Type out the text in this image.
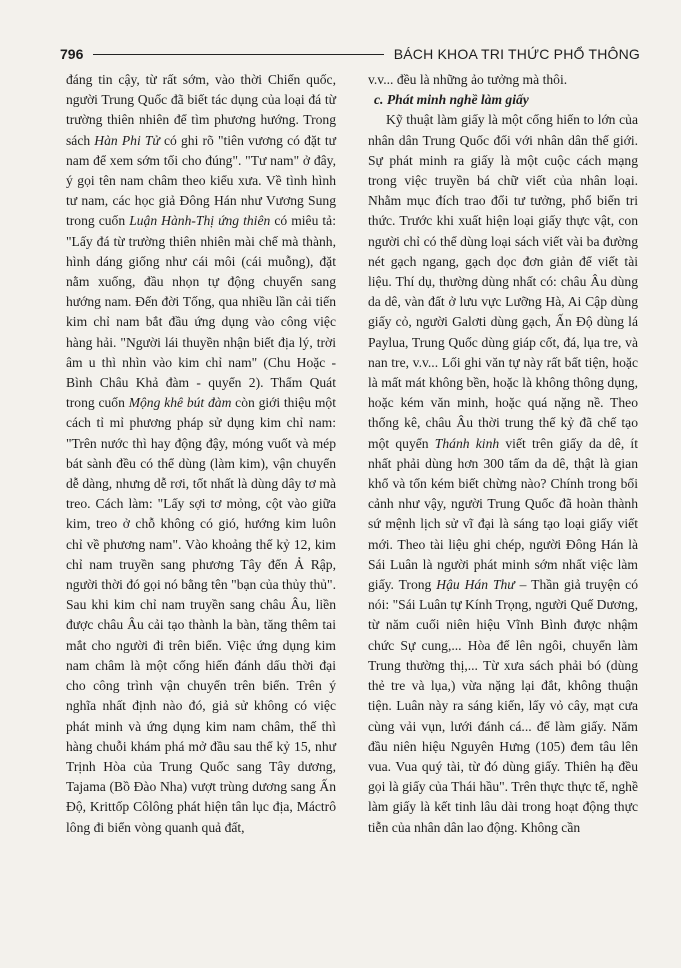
796	BÁCH KHOA TRI THỨC PHỔ THÔNG

đáng tin cậy, từ rất sớm, vào thời Chiến quốc, người Trung Quốc đã biết tác dụng của loại đá từ trường thiên nhiên để tìm phương hướng. Trong sách Hàn Phi Tử có ghi rõ "tiên vương có đặt tư nam để xem sớm tối cho đúng". "Tư nam" ở đây, ý gọi tên nam châm theo kiểu xưa. Về tình hình tư nam, các học giả Đông Hán như Vương Sung trong cuốn Luận Hành-Thị ứng thiên có miêu tả: "Lấy đá từ trường thiên nhiên mài chế mà thành, hình dáng giống như cái môi (cái muỗng), đặt nằm xuống, đầu nhọn tự động chuyển sang hướng nam. Đến đời Tống, qua nhiều lần cải tiến kim chỉ nam bắt đầu ứng dụng vào công việc hàng hải. "Người lái thuyền nhận biết địa lý, trời âm u thì nhìn vào kim chỉ nam" (Chu Hoặc - Bình Châu Khả đàm - quyển 2). Thẩm Quát trong cuốn Mộng khê bút đàm còn giới thiệu một cách tỉ mỉ phương pháp sử dụng kim chỉ nam: "Trên nước thì hay động đậy, móng vuốt và mép bát sành đều có thể dùng (làm kim), vận chuyển dễ dàng, nhưng dễ rơi, tốt nhất là dùng dây tơ mà treo. Cách làm: "Lấy sợi tơ mỏng, cột vào giữa kim, treo ở chỗ không có gió, hướng kim luôn chỉ về phương nam". Vào khoảng thế kỷ 12, kim chỉ nam truyền sang phương Tây đến Ả Rập, người thời đó gọi nó bằng tên "bạn của thủy thủ". Sau khi kim chỉ nam truyền sang châu Âu, liền được châu Âu cải tạo thành la bàn, tăng thêm tai mắt cho người đi trên biển. Việc ứng dụng kim nam châm là một cống hiến đánh dấu thời đại cho công trình vận chuyển trên biển. Trên ý nghĩa nhất định nào đó, giả sử không có việc phát minh và ứng dụng kim nam châm, thế thì hàng chuỗi khám phá mở đầu sau thế kỷ 15, như Trịnh Hòa của Trung Quốc sang Tây dương, Tajama (Bồ Đào Nha) vượt trùng dương sang Ấn Độ, Krittốp Côlông phát hiện tân lục địa, Máctrô lông đi biển vòng quanh quả đất,

v.v... đều là những ảo tưởng mà thôi.

c. Phát minh nghề làm giấy

Kỹ thuật làm giấy là một cống hiến to lớn của nhân dân Trung Quốc đối với nhân dân thế giới. Sự phát minh ra giấy là một cuộc cách mạng trong việc truyền bá chữ viết của nhân loại. Nhằm mục đích trao đổi tư tưởng, phổ biến tri thức. Trước khi xuất hiện loại giấy thực vật, con người chỉ có thể dùng loại sách viết vài ba đường nét gạch ngang, gạch dọc đơn giản để viết tài liệu. Thí dụ, thường dùng nhất có: châu Âu dùng da dê, vàn đất ở lưu vực Lưỡng Hà, Ai Cập dùng giấy cỏ, người Galơti dùng gạch, Ấn Độ dùng lá Paylua, Trung Quốc dùng giáp cốt, đá, lụa tre, và nan tre, v.v... Lối ghi văn tự này rất bất tiện, hoặc là mất mát không bền, hoặc là không thông dụng, hoặc kém văn minh, hoặc quá nặng nề. Theo thống kê, châu Âu thời trung thế kỷ đã chế tạo một quyển Thánh kinh viết trên giấy da dê, ít nhất phải dùng hơn 300 tấm da dê, thật là gian khổ và tốn kém biết chừng nào? Chính trong bối cảnh như vậy, người Trung Quốc đã hoàn thành sứ mệnh lịch sử vĩ đại là sáng tạo loại giấy viết mới. Theo tài liệu ghi chép, người Đông Hán là Sái Luân là người phát minh sớm nhất việc làm giấy. Trong Hậu Hán Thư – Thần giả truyện có nói: "Sái Luân tự Kính Trọng, người Quế Dương, từ năm cuối niên hiệu Vĩnh Bình được nhậm chức Sự cung,... Hòa đế lên ngôi, chuyển làm Trung thường thị,... Từ xưa sách phải bó (dùng thẻ tre và lụa,) vừa nặng lại đắt, không thuận tiện. Luân này ra sáng kiến, lấy vỏ cây, mạt cưa cùng vải vụn, lưới đánh cá... để làm giấy. Năm đầu niên hiệu Nguyên Hưng (105) đem tâu lên vua. Vua quý tài, từ đó dùng giấy. Thiên hạ đều gọi là giấy của Thái hầu". Trên thực thực tế, nghề làm giấy là kết tinh lâu dài trong hoạt động thực tiễn của nhân dân lao động. Không cần
